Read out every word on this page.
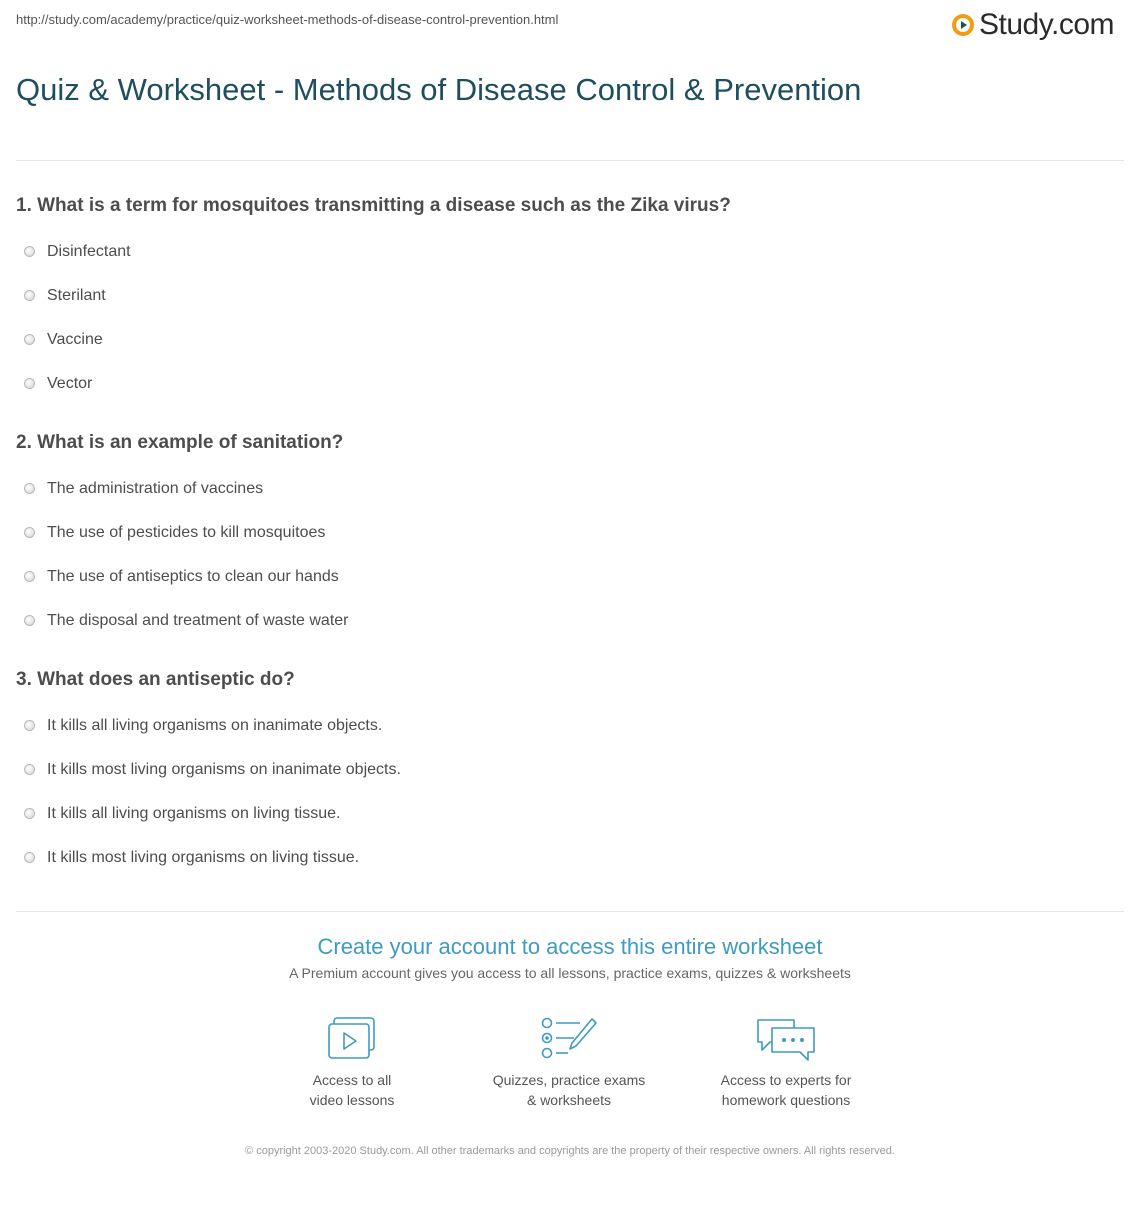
http://study.com/academy/practice/quiz-worksheet-methods-of-disease-control-prevention.html	Study.com
Quiz & Worksheet - Methods of Disease Control & Prevention
1. What is a term for mosquitoes transmitting a disease such as the Zika virus?
Disinfectant
Sterilant
Vaccine
Vector
2. What is an example of sanitation?
The administration of vaccines
The use of pesticides to kill mosquitoes
The use of antiseptics to clean our hands
The disposal and treatment of waste water
3. What does an antiseptic do?
It kills all living organisms on inanimate objects.
It kills most living organisms on inanimate objects.
It kills all living organisms on living tissue.
It kills most living organisms on living tissue.
Create your account to access this entire worksheet
A Premium account gives you access to all lessons, practice exams, quizzes & worksheets
Access to all
video lessons
Quizzes, practice exams
& worksheets
Access to experts for
homework questions
© copyright 2003-2020 Study.com. All other trademarks and copyrights are the property of their respective owners. All rights reserved.
